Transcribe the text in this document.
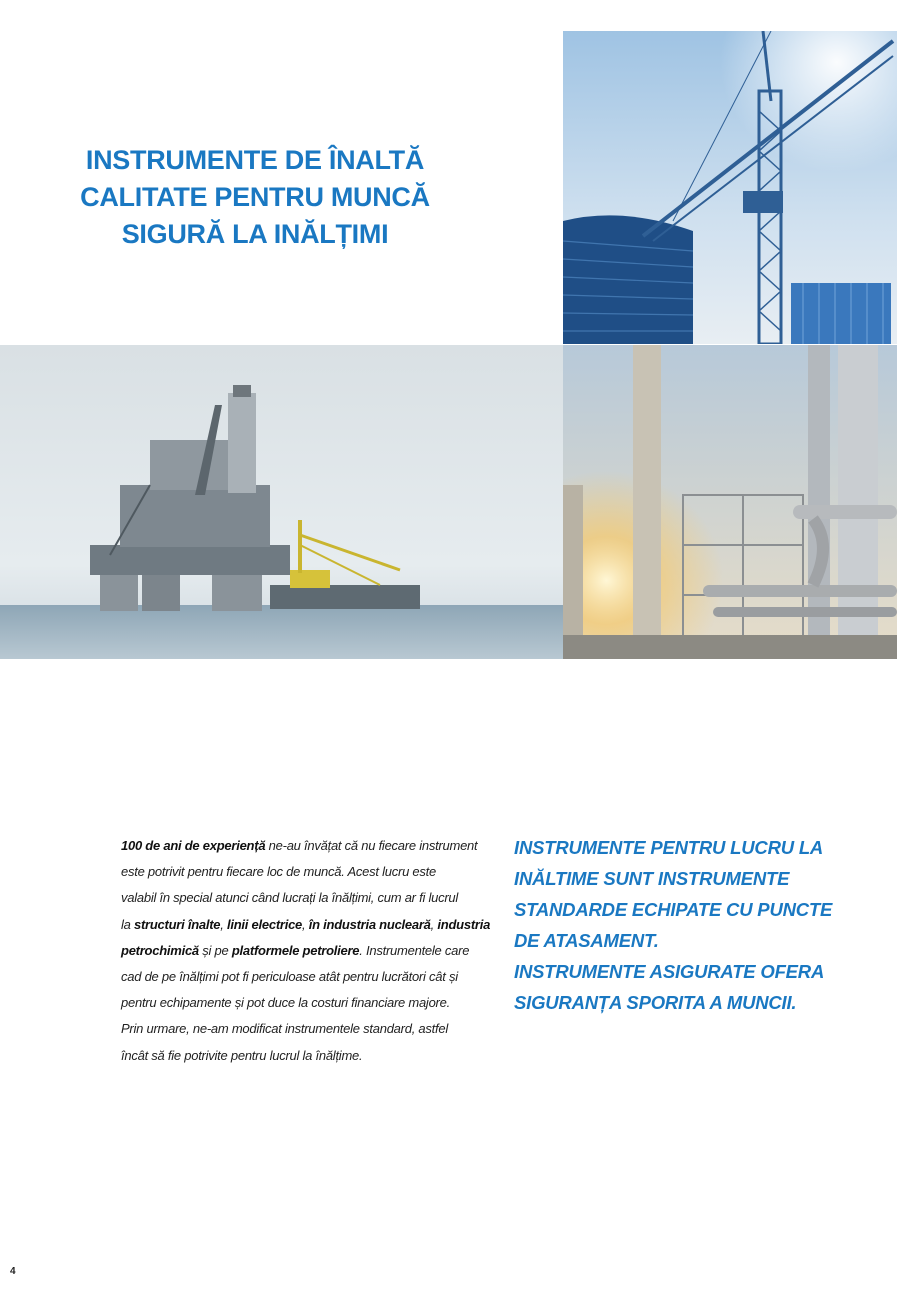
INSTRUMENTE DE ÎNALTĂ
CALITATE PENTRU MUNCĂ
SIGURĂ LA INĂLȚIMI
100 de ani de experiență ne-au învățat că nu fiecare instrument
este potrivit pentru fiecare loc de muncă. Acest lucru este
valabil în special atunci când lucrați la înălțimi, cum ar fi lucrul
la structuri înalte, linii electrice, în industria nucleară, industria
petrochimică și pe platformele petroliere. Instrumentele care
cad de pe înălțimi pot fi periculoase atât pentru lucrători cât și
pentru echipamente și pot duce la costuri financiare majore.
Prin urmare, ne-am modificat instrumentele standard, astfel
încât să fie potrivite pentru lucrul la înălțime.
INSTRUMENTE PENTRU LUCRU LA
INĂLTIME SUNT INSTRUMENTE
STANDARDE ECHIPATE CU PUNCTE
DE ATASAMENT.
INSTRUMENTE ASIGURATE OFERA
SIGURANȚA SPORITA A MUNCII.
4
